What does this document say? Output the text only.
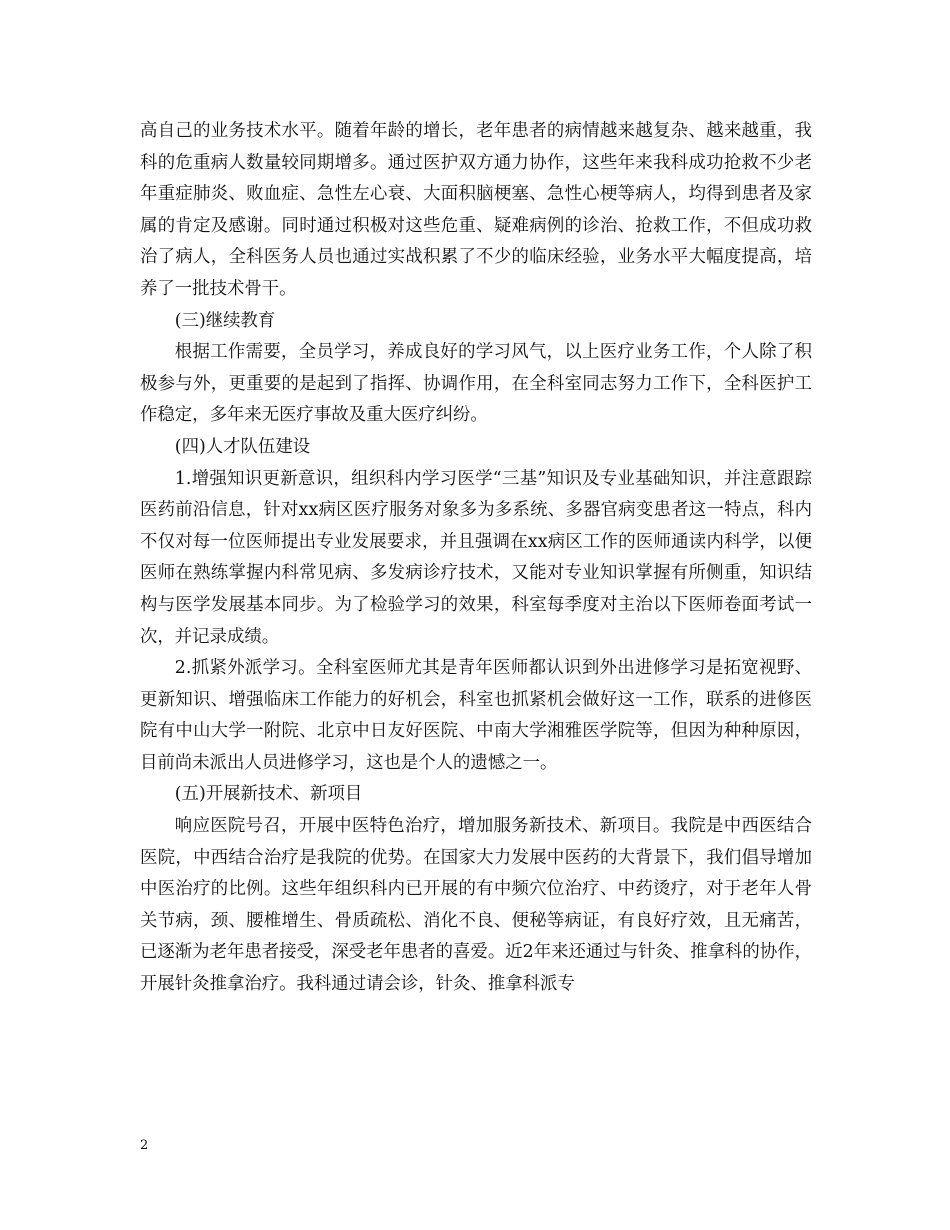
高自己的业务技术水平。随着年龄的增长，老年患者的病情越来越复杂、越来越重，我科的危重病人数量较同期增多。通过医护双方通力协作，这些年来我科成功抢救不少老年重症肺炎、败血症、急性左心衰、大面积脑梗塞、急性心梗等病人，均得到患者及家属的肯定及感谢。同时通过积极对这些危重、疑难病例的诊治、抢救工作，不但成功救治了病人，全科医务人员也通过实战积累了不少的临床经验，业务水平大幅度提高，培养了一批技术骨干。

(三)继续教育

根据工作需要，全员学习，养成良好的学习风气，以上医疗业务工作，个人除了积极参与外，更重要的是起到了指挥、协调作用，在全科室同志努力工作下，全科医护工作稳定，多年来无医疗事故及重大医疗纠纷。

(四)人才队伍建设

1.增强知识更新意识，组织科内学习医学“三基”知识及专业基础知识，并注意跟踪医药前沿信息，针对xx病区医疗服务对象多为多系统、多器官病变患者这一特点，科内不仅对每一位医师提出专业发展要求，并且强调在xx病区工作的医师通读内科学，以便医师在熟练掌握内科常见病、多发病诊疗技术，又能对专业知识掌握有所侧重，知识结构与医学发展基本同步。为了检验学习的效果，科室每季度对主治以下医师卷面考试一次，并记录成绩。

2.抓紧外派学习。全科室医师尤其是青年医师都认识到外出进修学习是拓宽视野、更新知识、增强临床工作能力的好机会，科室也抓紧机会做好这一工作，联系的进修医院有中山大学一附院、北京中日友好医院、中南大学湘雅医学院等，但因为种种原因，目前尚未派出人员进修学习，这也是个人的遗憾之一。

(五)开展新技术、新项目

响应医院号召，开展中医特色治疗，增加服务新技术、新项目。我院是中西医结合医院，中西结合治疗是我院的优势。在国家大力发展中医药的大背景下，我们倡导增加中医治疗的比例。这些年组织科内已开展的有中频穴位治疗、中药烫疗，对于老年人骨关节病，颈、腰椎增生、骨质疏松、消化不良、便秘等病证，有良好疗效，且无痛苦，已逐渐为老年患者接受，深受老年患者的喜爱。近2年来还通过与针灸、推拿科的协作，开展针灸推拿治疗。我科通过请会诊，针灸、推拿科派专

2
